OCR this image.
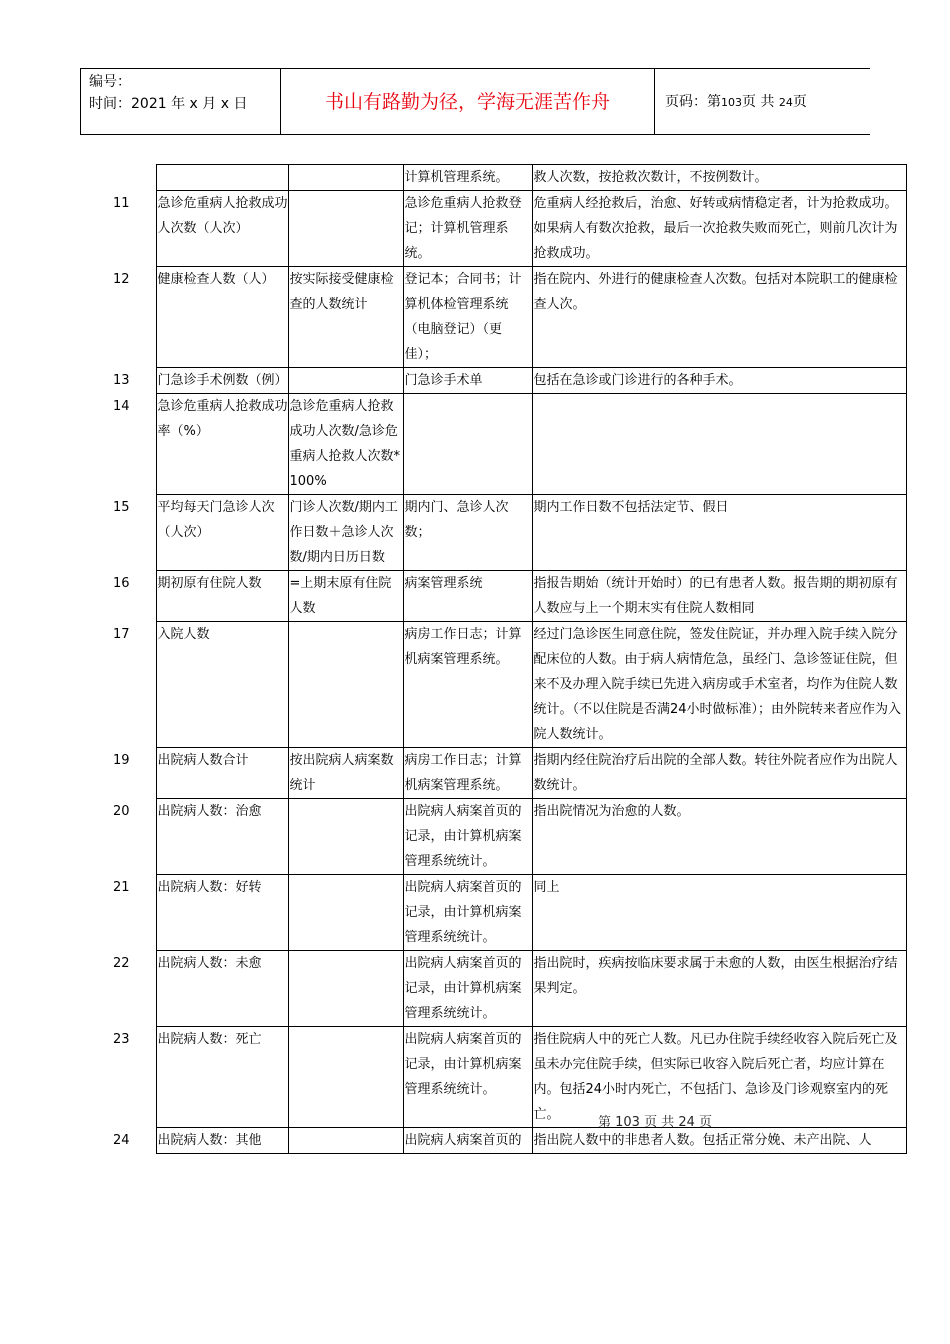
编号：
时间：2021 年 x 月 x 日	书山有路勤为径，学海无涯苦作舟	页码：第103页 共 24页
			计算机管理系统。	救人次数，按抢救次数计，不按例数计。
11	急诊危重病人抢救成功人次数（人次）		急诊危重病人抢救登记；计算机管理系统。	危重病人经抢救后，治愈、好转或病情稳定者，计为抢救成功。如果病人有数次抢救，最后一次抢救失败而死亡，则前几次计为抢救成功。
12	健康检查人数（人）	按实际接受健康检查的人数统计	登记本；合同书；计算机体检管理系统（电脑登记）（更佳）；	指在院内、外进行的健康检查人次数。包括对本院职工的健康检查人次。
13	门急诊手术例数（例）		门急诊手术单	包括在急诊或门诊进行的各种手术。
14	急诊危重病人抢救成功率（%）	急诊危重病人抢救成功人次数/急诊危重病人抢救人次数*100%		
15	平均每天门急诊人次（人次）	门诊人次数/期内工作日数＋急诊人次数/期内日历日数	期内门、急诊人次数；	期内工作日数不包括法定节、假日
16	期初原有住院人数	=上期末原有住院人数	病案管理系统	指报告期始（统计开始时）的已有患者人数。报告期的期初原有人数应与上一个期末实有住院人数相同
17	入院人数		病房工作日志；计算机病案管理系统。	经过门急诊医生同意住院，签发住院证，并办理入院手续入院分配床位的人数。由于病人病情危急，虽经门、急诊签证住院，但来不及办理入院手续已先进入病房或手术室者，均作为住院人数统计。（不以住院是否满24小时做标准）；由外院转来者应作为入院人数统计。
19	出院病人数合计	按出院病人病案数统计	病房工作日志；计算机病案管理系统。	指期内经住院治疗后出院的全部人数。转往外院者应作为出院人数统计。
20	出院病人数：治愈		出院病人病案首页的记录，由计算机病案管理系统统计。	指出院情况为治愈的人数。
21	出院病人数：好转		出院病人病案首页的记录，由计算机病案管理系统统计。	同上
22	出院病人数：未愈		出院病人病案首页的记录，由计算机病案管理系统统计。	指出院时，疾病按临床要求属于未愈的人数，由医生根据治疗结果判定。
23	出院病人数：死亡		出院病人病案首页的记录，由计算机病案管理系统统计。	指住院病人中的死亡人数。凡已办住院手续经收容入院后死亡及虽未办完住院手续，但实际已收容入院后死亡者，均应计算在内。包括24小时内死亡，不包括门、急诊及门诊观察室内的死亡。
24	出院病人数：其他		出院病人病案首页的	指出院人数中的非患者人数。包括正常分娩、未产出院、人
第 103 页 共 24 页
